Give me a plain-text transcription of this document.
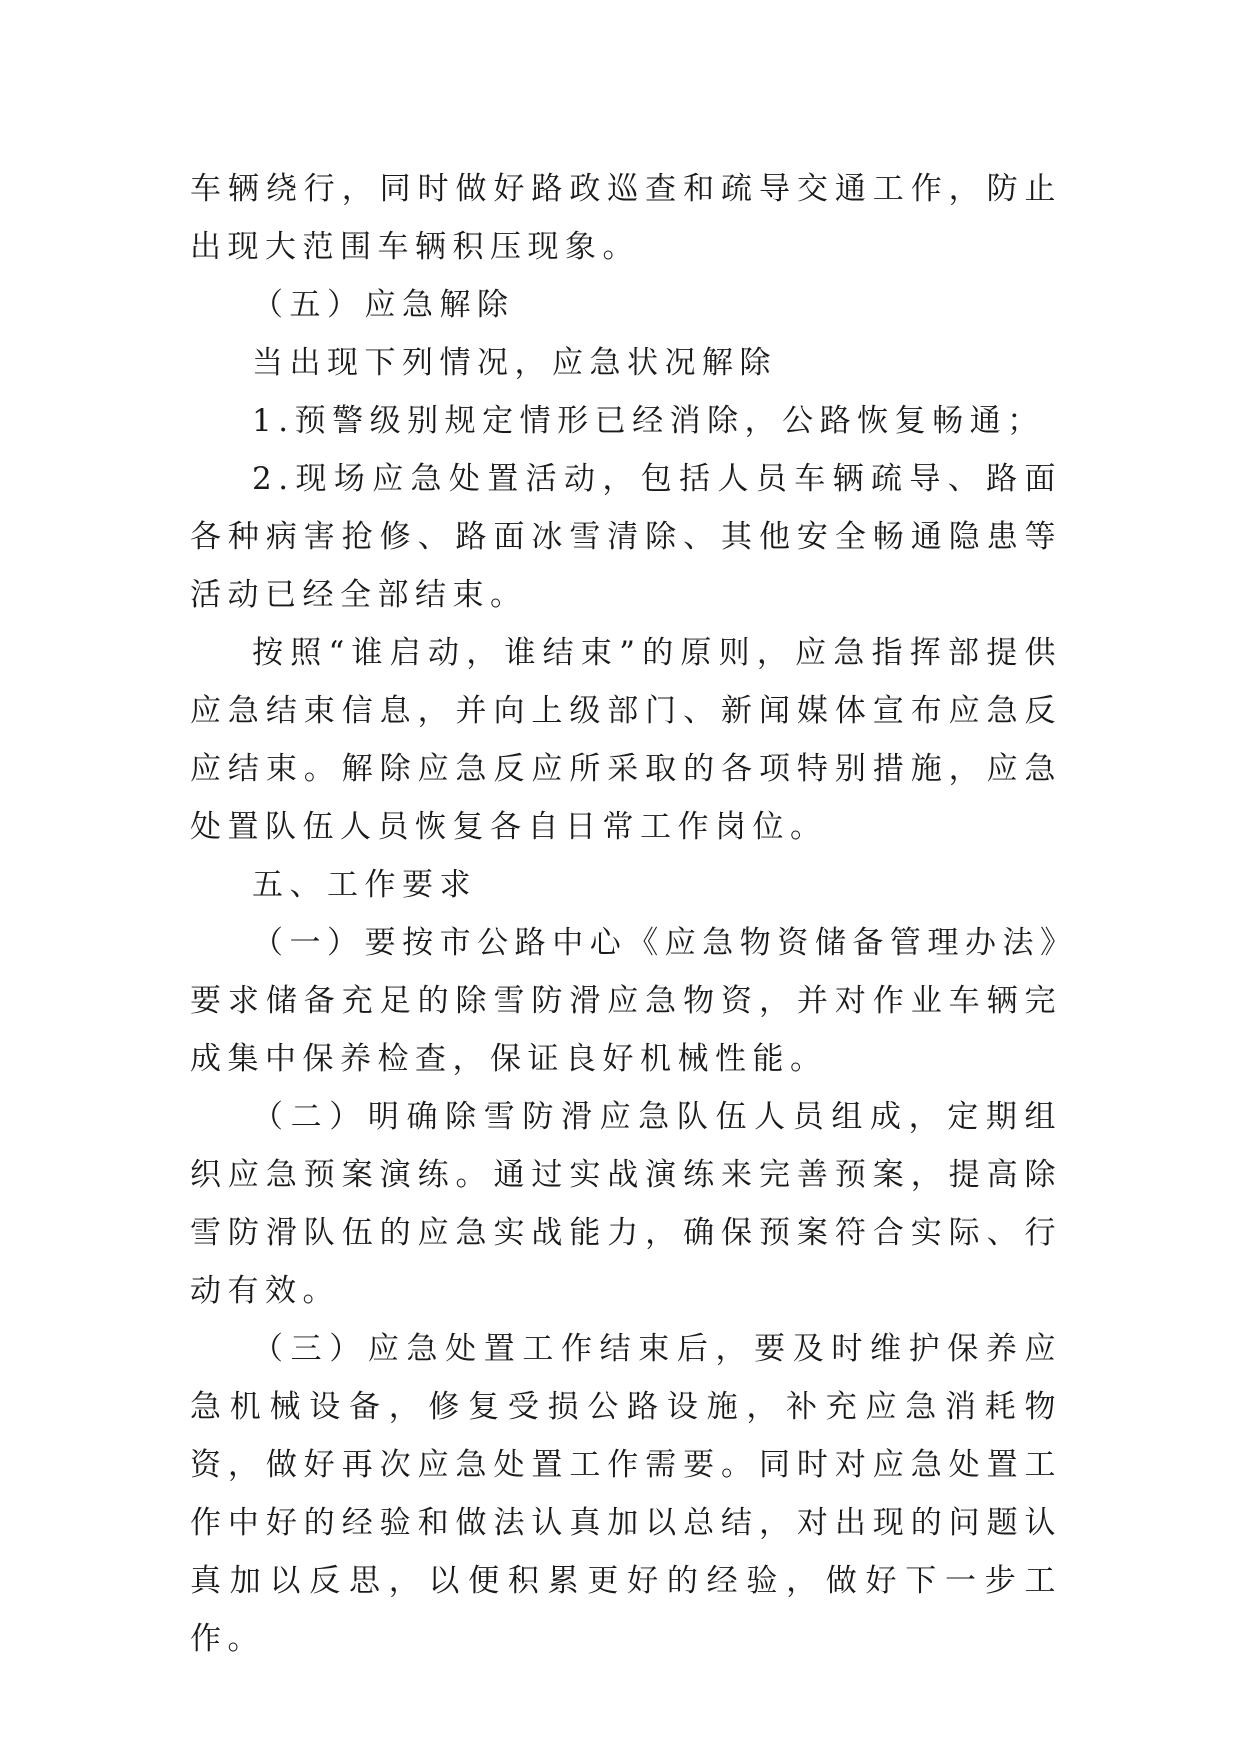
车辆绕行，同时做好路政巡查和疏导交通工作，防止出现大范围车辆积压现象。

（五）应急解除

当出现下列情况，应急状况解除

1.预警级别规定情形已经消除，公路恢复畅通；

2.现场应急处置活动，包括人员车辆疏导、路面各种病害抢修、路面冰雪清除、其他安全畅通隐患等活动已经全部结束。

按照“谁启动，谁结束”的原则，应急指挥部提供应急结束信息，并向上级部门、新闻媒体宣布应急反应结束。解除应急反应所采取的各项特别措施，应急处置队伍人员恢复各自日常工作岗位。

五、工作要求

（一）要按市公路中心《应急物资储备管理办法》要求储备充足的除雪防滑应急物资，并对作业车辆完成集中保养检查，保证良好机械性能。

（二）明确除雪防滑应急队伍人员组成，定期组织应急预案演练。通过实战演练来完善预案，提高除雪防滑队伍的应急实战能力，确保预案符合实际、行动有效。

（三）应急处置工作结束后，要及时维护保养应急机械设备，修复受损公路设施，补充应急消耗物资，做好再次应急处置工作需要。同时对应急处置工作中好的经验和做法认真加以总结，对出现的问题认真加以反思，以便积累更好的经验，做好下一步工作。
